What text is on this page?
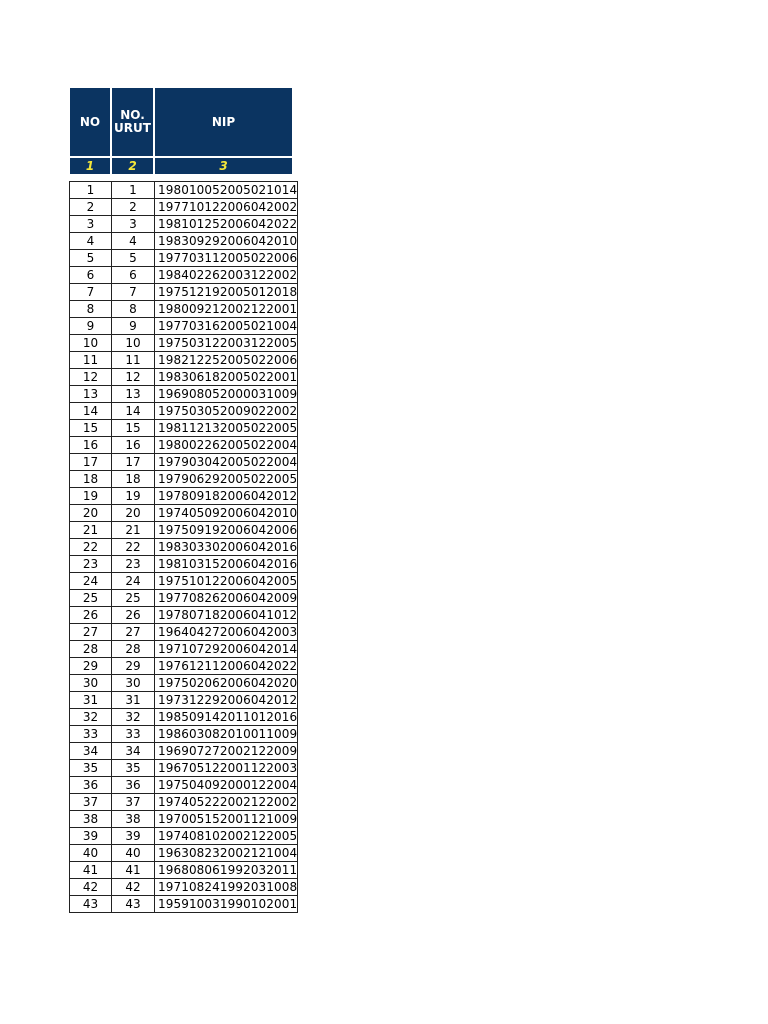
NO	NO. URUT	NIP
1	2	3
1	1	198010052005021014
2	2	197710122006042002
3	3	198101252006042022
4	4	198309292006042010
5	5	197703112005022006
6	6	198402262003122002
7	7	197512192005012018
8	8	198009212002122001
9	9	197703162005021004
10	10	197503122003122005
11	11	198212252005022006
12	12	198306182005022001
13	13	196908052000031009
14	14	197503052009022002
15	15	198112132005022005
16	16	198002262005022004
17	17	197903042005022004
18	18	197906292005022005
19	19	197809182006042012
20	20	197405092006042010
21	21	197509192006042006
22	22	198303302006042016
23	23	198103152006042016
24	24	197510122006042005
25	25	197708262006042009
26	26	197807182006041012
27	27	196404272006042003
28	28	197107292006042014
29	29	197612112006042022
30	30	197502062006042020
31	31	197312292006042012
32	32	198509142011012016
33	33	198603082010011009
34	34	196907272002122009
35	35	196705122001122003
36	36	197504092000122004
37	37	197405222002122002
38	38	197005152001121009
39	39	197408102002122005
40	40	196308232002121004
41	41	196808061992032011
42	42	197108241992031008
43	43	195910031990102001
